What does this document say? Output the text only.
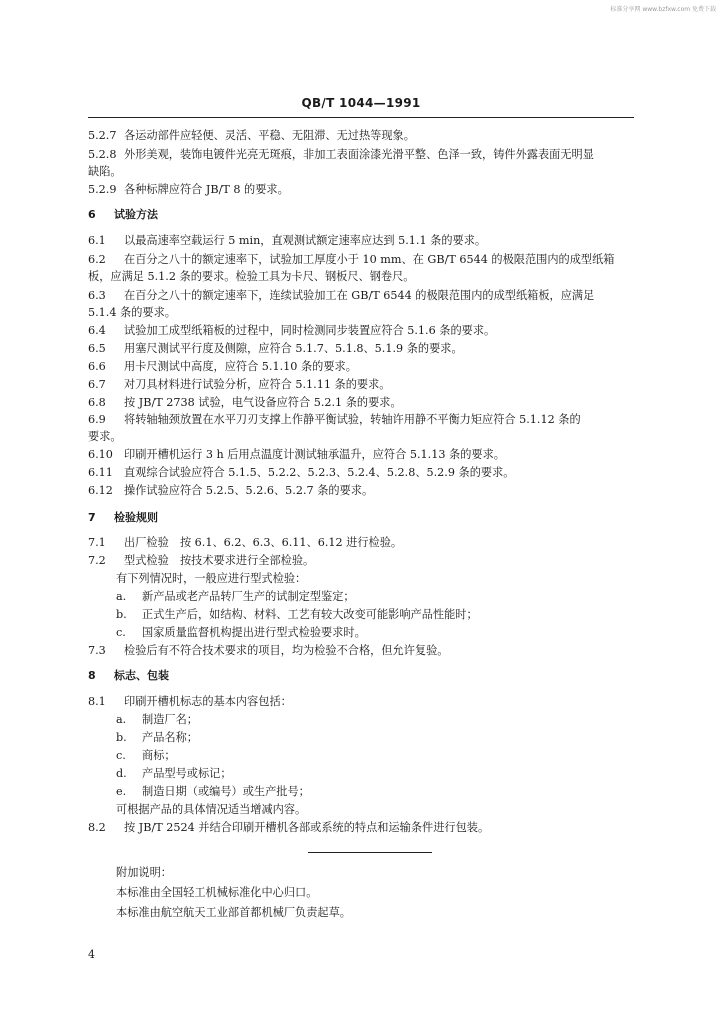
标准分享网 www.bzfxw.com 免费下载
QB/T 1044—1991
5.2.7 各运动部件应轻便、灵活、平稳、无阻滞、无过热等现象。
5.2.8 外形美观，装饰电镀件光亮无斑痕，非加工表面涂漆光滑平整、色泽一致，铸件外露表面无明显
缺陷。
5.2.9 各种标牌应符合 JB/T 8 的要求。
6 试验方法
6.1 以最高速率空载运行 5 min，直观测试额定速率应达到 5.1.1 条的要求。
6.2 在百分之八十的额定速率下，试验加工厚度小于 10 mm、在 GB/T 6544 的极限范围内的成型纸箱
板，应满足 5.1.2 条的要求。检验工具为卡尺、钢板尺、钢卷尺。
6.3 在百分之八十的额定速率下，连续试验加工在 GB/T 6544 的极限范围内的成型纸箱板，应满足
5.1.4 条的要求。
6.4 试验加工成型纸箱板的过程中，同时检测同步装置应符合 5.1.6 条的要求。
6.5 用塞尺测试平行度及侧隙，应符合 5.1.7、5.1.8、5.1.9 条的要求。
6.6 用卡尺测试中高度，应符合 5.1.10 条的要求。
6.7 对刀具材料进行试验分析，应符合 5.1.11 条的要求。
6.8 按 JB/T 2738 试验，电气设备应符合 5.2.1 条的要求。
6.9 将转轴轴颈放置在水平刀刃支撑上作静平衡试验，转轴许用静不平衡力矩应符合 5.1.12 条的
要求。
6.10 印刷开槽机运行 3 h 后用点温度计测试轴承温升，应符合 5.1.13 条的要求。
6.11 直观综合试验应符合 5.1.5、5.2.2、5.2.3、5.2.4、5.2.8、5.2.9 条的要求。
6.12 操作试验应符合 5.2.5、5.2.6、5.2.7 条的要求。
7 检验规则
7.1 出厂检验　按 6.1、6.2、6.3、6.11、6.12 进行检验。
7.2 型式检验　按技术要求进行全部检验。
有下列情况时，一般应进行型式检验：
a. 新产品或老产品转厂生产的试制定型鉴定；
b. 正式生产后，如结构、材料、工艺有较大改变可能影响产品性能时；
c. 国家质量监督机构提出进行型式检验要求时。
7.3 检验后有不符合技术要求的项目，均为检验不合格，但允许复验。
8 标志、包装
8.1 印刷开槽机标志的基本内容包括：
a. 制造厂名；
b. 产品名称；
c. 商标；
d. 产品型号或标记；
e. 制造日期（或编号）或生产批号；
可根据产品的具体情况适当增减内容。
8.2 按 JB/T 2524 并结合印刷开槽机各部或系统的特点和运输条件进行包装。
附加说明：
本标准由全国轻工机械标准化中心归口。
本标准由航空航天工业部首都机械厂负责起草。
4
